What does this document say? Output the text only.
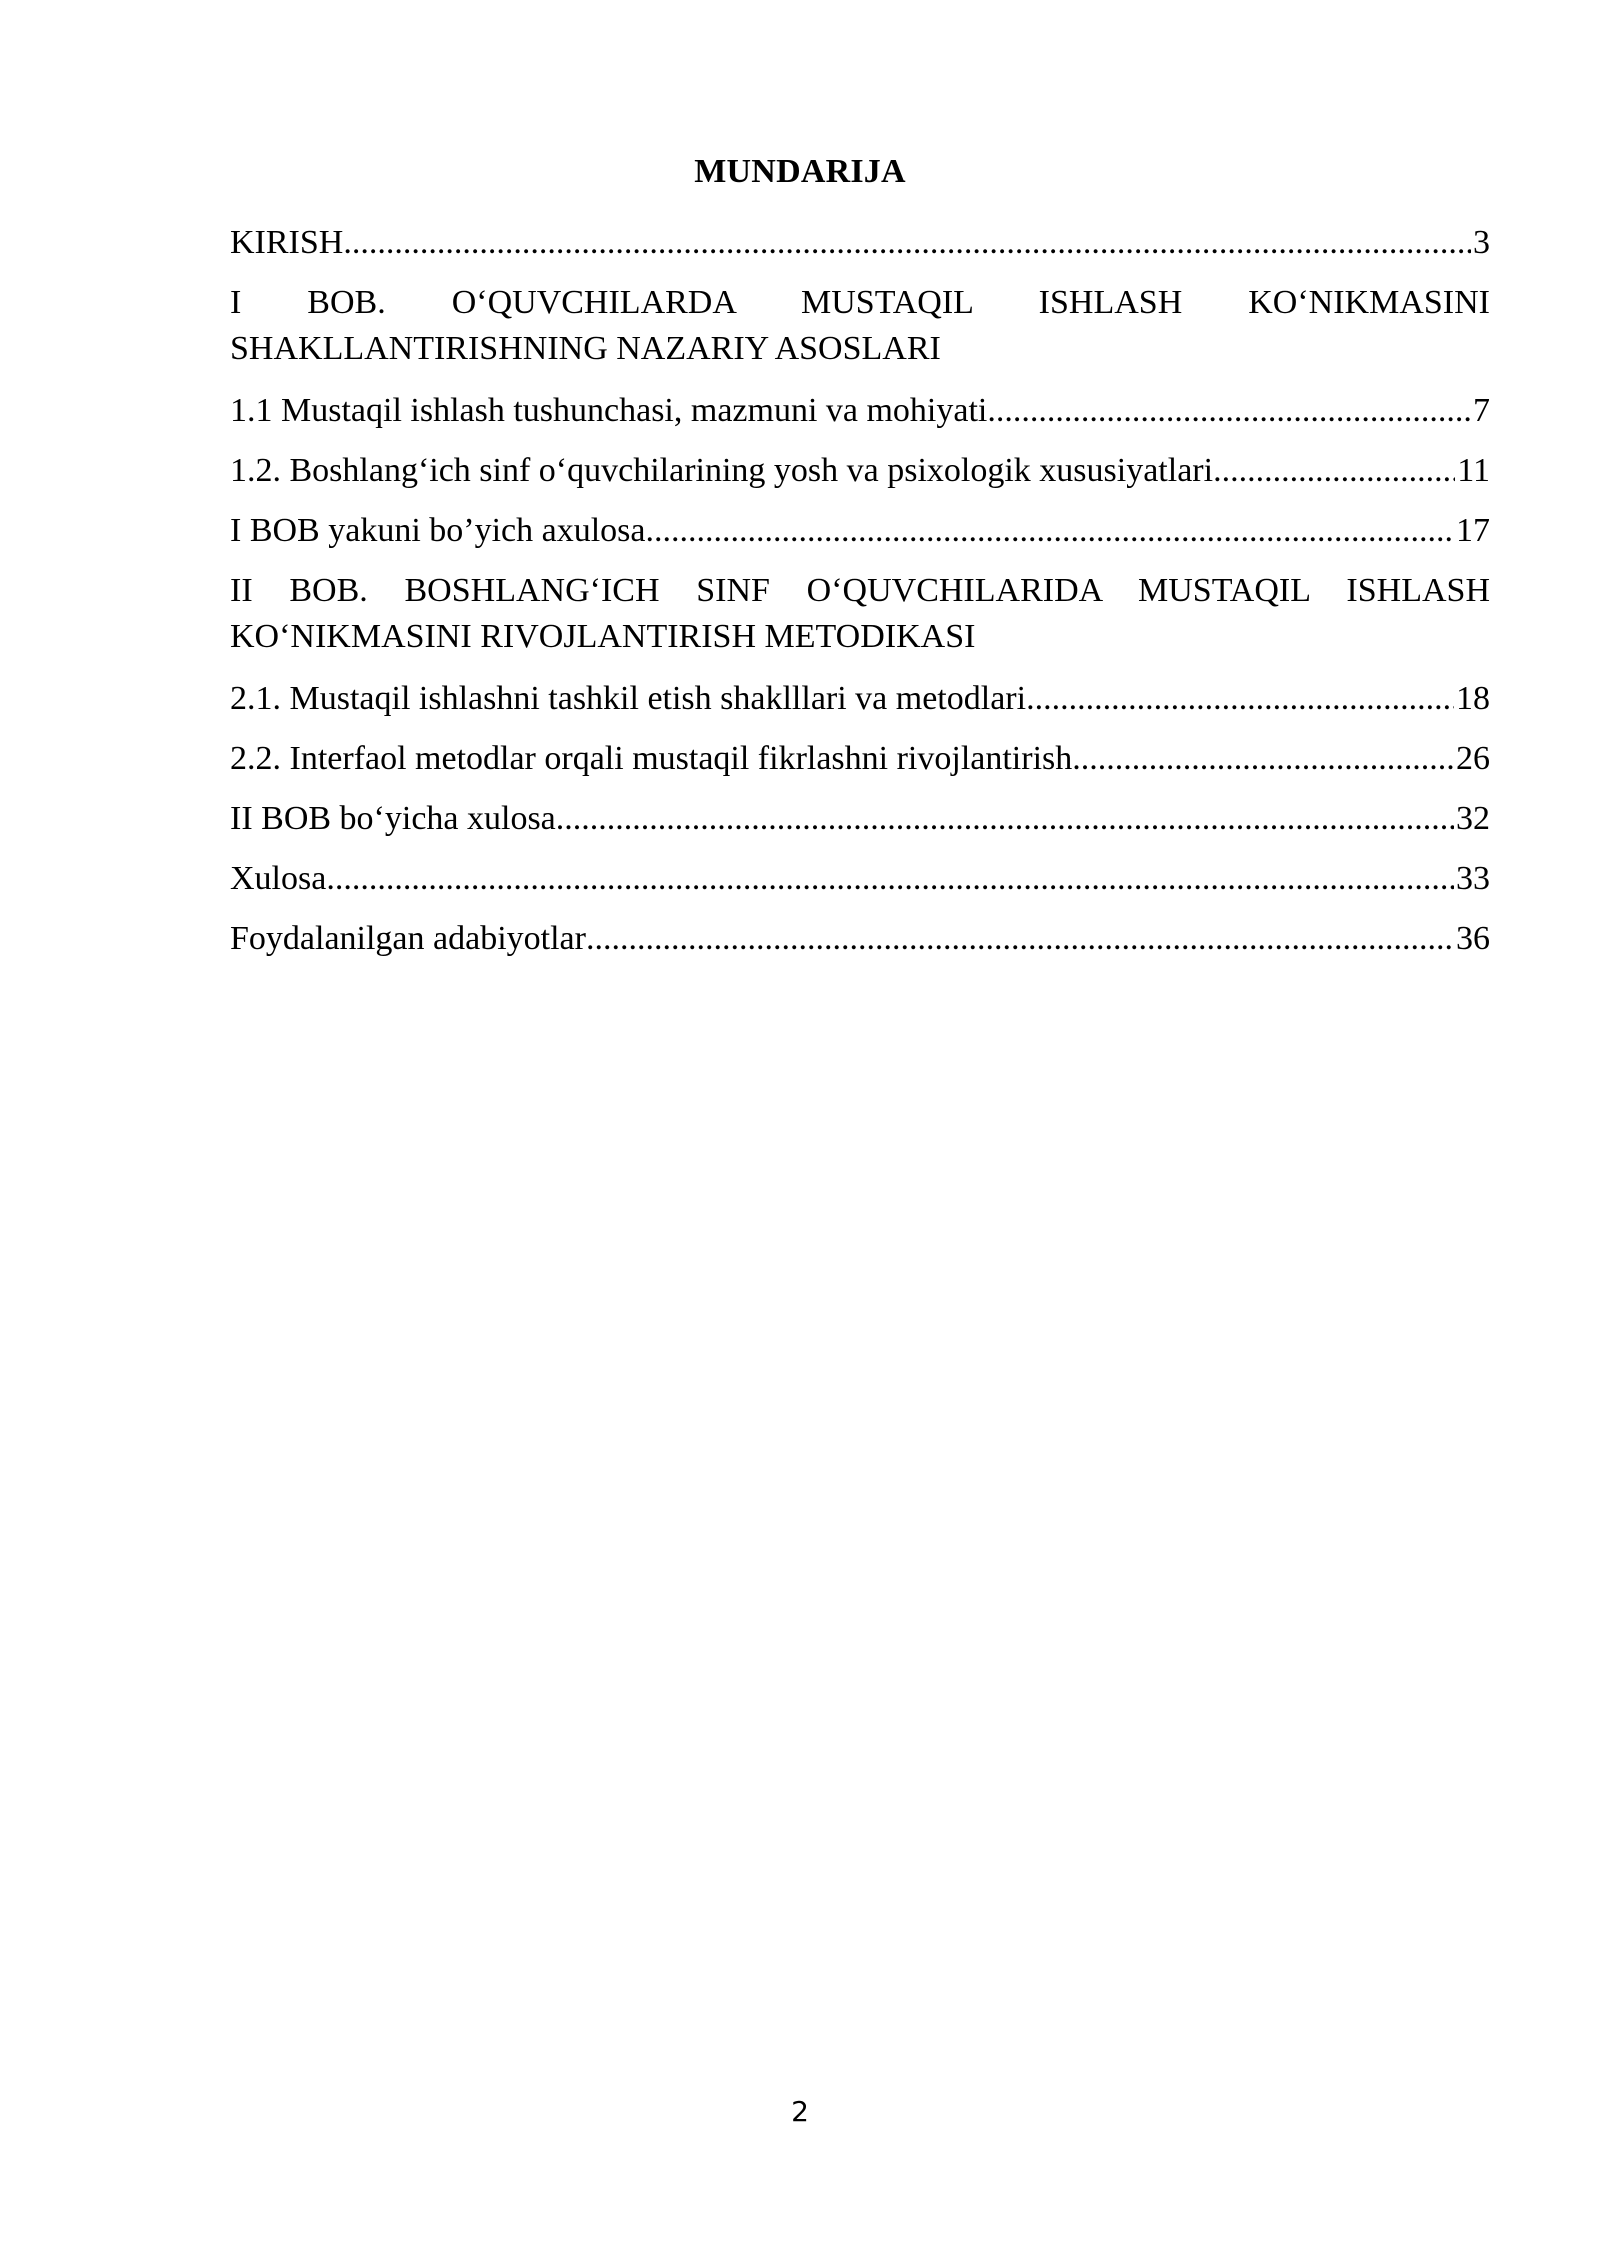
MUNDARIJA
KIRISH .....	3
I BOB. O‘QUVCHILARDA MUSTAQIL ISHLASH KO‘NIKMASINI
SHAKLLANTIRISHNING NAZARIY ASOSLARI
1.1 Mustaqil ishlash tushunchasi, mazmuni va mohiyati .....	7
1.2. Boshlang‘ich sinf o‘quvchilarining yosh va psixologik xususiyatlari .....	11
I BOB yakuni bo’yich axulosa .....	17
II BOB. BOSHLANG‘ICH SINF O‘QUVCHILARIDA MUSTAQIL ISHLASH
KO‘NIKMASINI RIVOJLANTIRISH METODIKASI
2.1. Mustaqil ishlashni tashkil etish shaklllari va metodlari .....	18
2.2. Interfaol metodlar orqali mustaqil fikrlashni rivojlantirish .....	26
II BOB bo‘yicha xulosa .....	32
Xulosa .....	33
Foydalanilgan adabiyotlar .....	36
2
